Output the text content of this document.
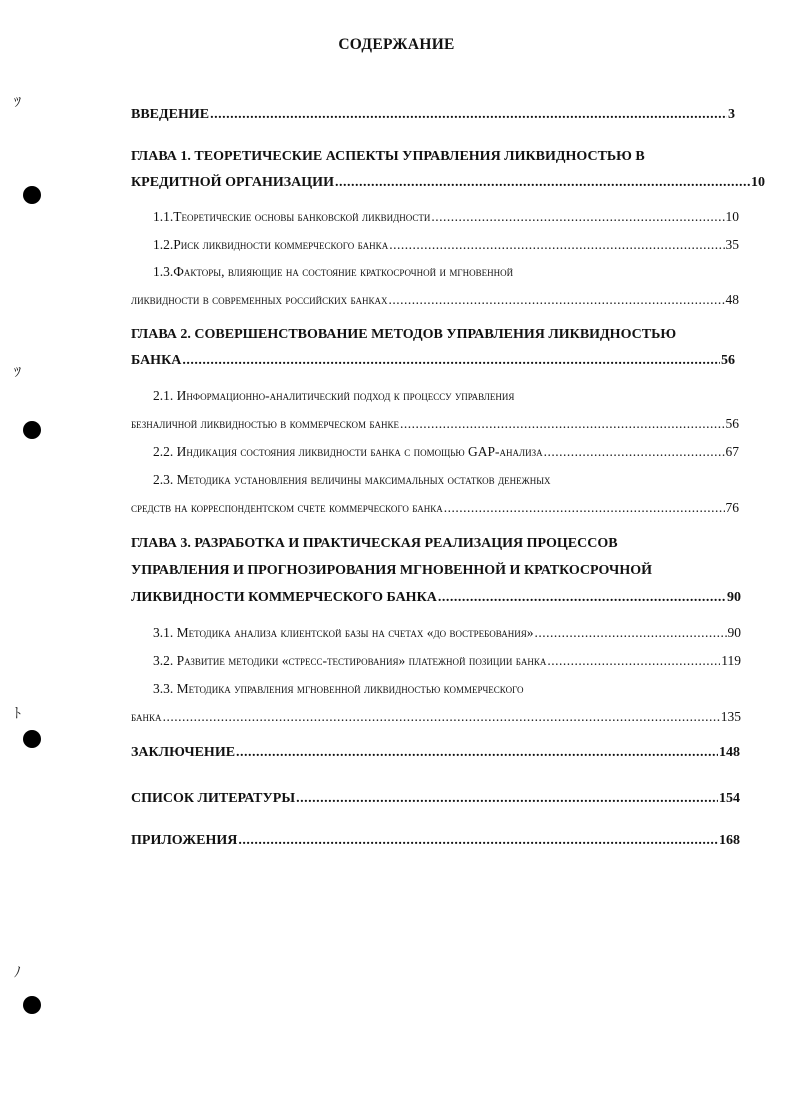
СОДЕРЖАНИЕ
ﾂ
ﾂ
ﾄ
ﾉ
ВВЕДЕНИЕ .....	3
ГЛАВА 1. ТЕОРЕТИЧЕСКИЕ АСПЕКТЫ УПРАВЛЕНИЯ ЛИКВИДНОСТЬЮ В
КРЕДИТНОЙ ОРГАНИЗАЦИИ .....	10
1.1.Теоретические основы банковской ликвидности .....	10
1.2.Риск ликвидности коммерческого банка .....	35
1.3.Факторы, влияющие на состояние краткосрочной и мгновенной
ликвидности в современных российских банках .....	48
ГЛАВА 2. СОВЕРШЕНСТВОВАНИЕ МЕТОДОВ УПРАВЛЕНИЯ ЛИКВИДНОСТЬЮ
БАНКА .....	56
2.1. Информационно-аналитический подход к процессу управления
безналичной ликвидностью в коммерческом банке .....	56
2.2. Индикация состояния ликвидности банка с помощью GAP-анализа .....	67
2.3. Методика установления величины максимальных остатков денежных
средств на корреспондентском счете коммерческого банка .....	76
ГЛАВА 3. РАЗРАБОТКА И ПРАКТИЧЕСКАЯ РЕАЛИЗАЦИЯ ПРОЦЕССОВ
УПРАВЛЕНИЯ И ПРОГНОЗИРОВАНИЯ МГНОВЕННОЙ И КРАТКОСРОЧНОЙ
ЛИКВИДНОСТИ КОММЕРЧЕСКОГО БАНКА .....	90
3.1. Методика анализа клиентской базы на счетах «до востребования» .....	90
3.2. Развитие методики «стресс-тестирования» платежной позиции банка .....	119
3.3. Методика управления мгновенной ликвидностью коммерческого
банка .....	135
ЗАКЛЮЧЕНИЕ .....	148
СПИСОК ЛИТЕРАТУРЫ .....	154
ПРИЛОЖЕНИЯ .....	168
